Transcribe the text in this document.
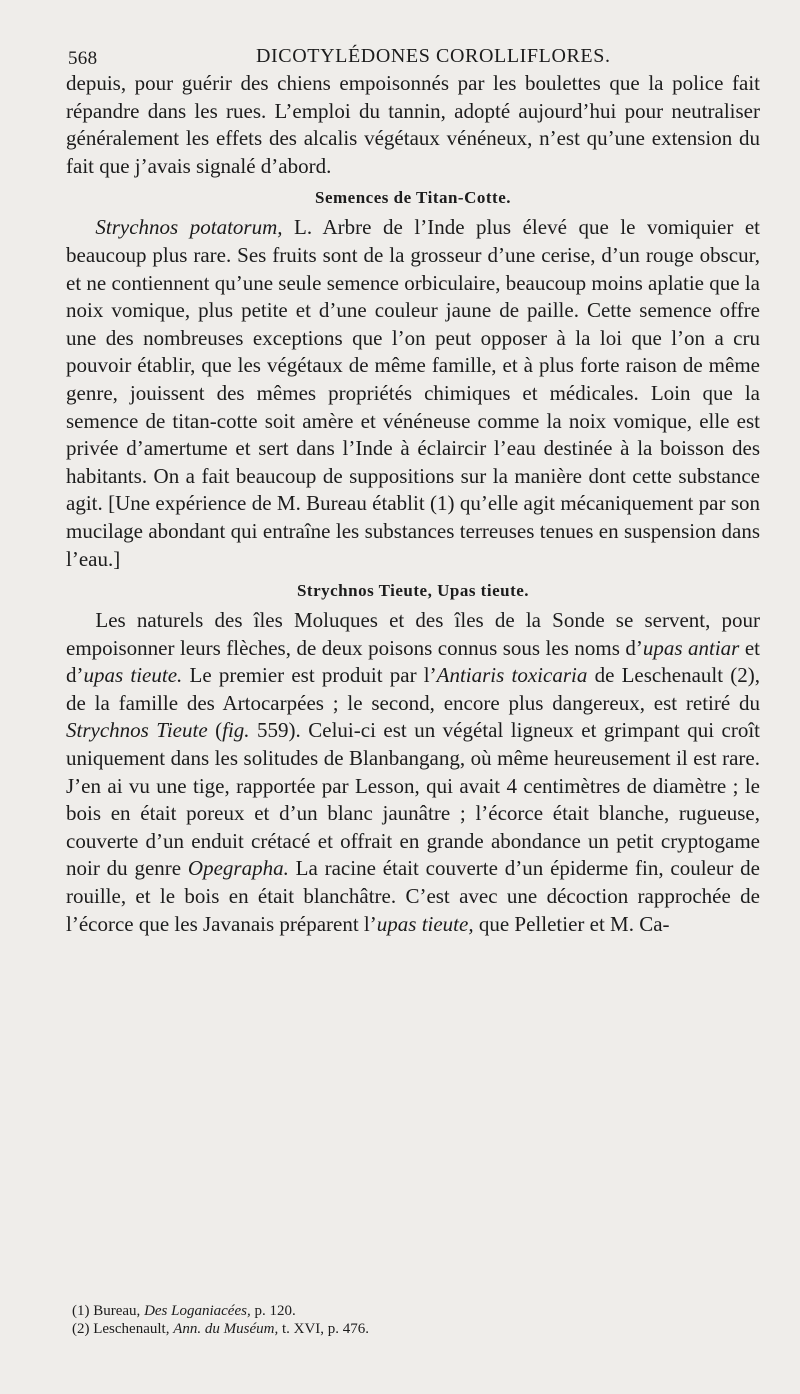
568	DICOTYLÉDONES COROLLIFLORES.

depuis, pour guérir des chiens empoisonnés par les boulettes que la police fait répandre dans les rues. L’emploi du tannin, adopté aujourd’hui pour neutraliser généralement les effets des alcalis végétaux vénéneux, n’est qu’une extension du fait que j’avais signalé d’abord.

Semences de Titan-Cotte.

Strychnos potatorum, L. Arbre de l’Inde plus élevé que le vomiquier et beaucoup plus rare. Ses fruits sont de la grosseur d’une cerise, d’un rouge obscur, et ne contiennent qu’une seule semence orbiculaire, beaucoup moins aplatie que la noix vomique, plus petite et d’une couleur jaune de paille. Cette semence offre une des nombreuses exceptions que l’on peut opposer à la loi que l’on a cru pouvoir établir, que les végétaux de même famille, et à plus forte raison de même genre, jouissent des mêmes propriétés chimiques et médicales. Loin que la semence de titan-cotte soit amère et vénéneuse comme la noix vomique, elle est privée d’amertume et sert dans l’Inde à éclaircir l’eau destinée à la boisson des habitants. On a fait beaucoup de suppositions sur la manière dont cette substance agit. [Une expérience de M. Bureau établit (1) qu’elle agit mécaniquement par son mucilage abondant qui entraîne les substances terreuses tenues en suspension dans l’eau.]

Strychnos Tieute, Upas tieute.

Les naturels des îles Moluques et des îles de la Sonde se servent, pour empoisonner leurs flèches, de deux poisons connus sous les noms d’upas antiar et d’upas tieute. Le premier est produit par l’Antiaris toxicaria de Leschenault (2), de la famille des Artocarpées ; le second, encore plus dangereux, est retiré du Strychnos Tieute (fig. 559). Celui-ci est un végétal ligneux et grimpant qui croît uniquement dans les solitudes de Blanbangang, où même heureusement il est rare. J’en ai vu une tige, rapportée par Lesson, qui avait 4 centimètres de diamètre ; le bois en était poreux et d’un blanc jaunâtre ; l’écorce était blanche, rugueuse, couverte d’un enduit crétacé et offrait en grande abondance un petit cryptogame noir du genre Opegrapha. La racine était couverte d’un épiderme fin, couleur de rouille, et le bois en était blanchâtre. C’est avec une décoction rapprochée de l’écorce que les Javanais préparent l’upas tieute, que Pelletier et M. Ca-

(1) Bureau, Des Loganiacées, p. 120.

(2) Leschenault, Ann. du Muséum, t. XVI, p. 476.
